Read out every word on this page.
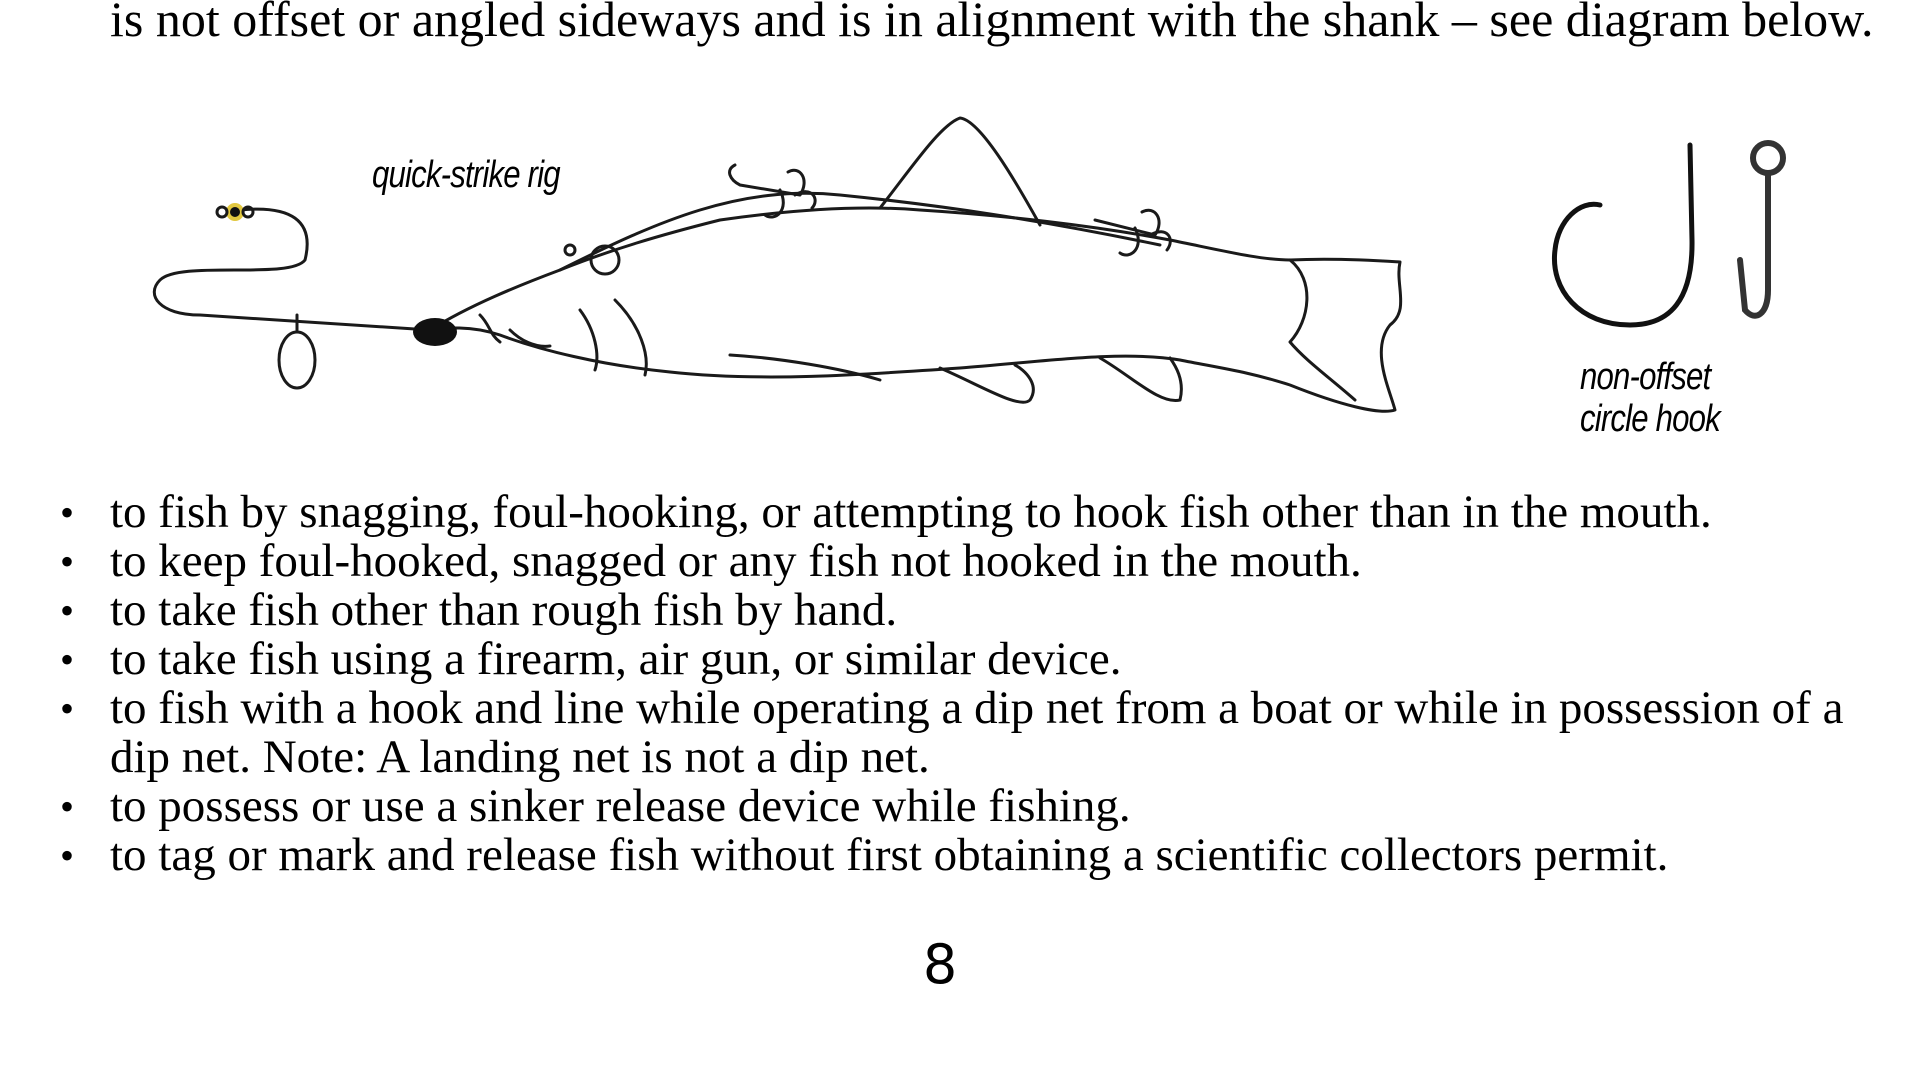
is not offset or angled sideways and is in alignment with the shank – see diagram below.
quick-strike rig
non-offset
circle hook
• to fish by snagging, foul-hooking, or attempting to hook fish other than in the mouth.
• to keep foul-hooked, snagged or any fish not hooked in the mouth.
• to take fish other than rough fish by hand.
• to take fish using a firearm, air gun, or similar device.
• to fish with a hook and line while operating a dip net from a boat or while in possession of a dip net. Note: A landing net is not a dip net.
• to possess or use a sinker release device while fishing.
• to tag or mark and release fish without first obtaining a scientific collectors permit.
8
